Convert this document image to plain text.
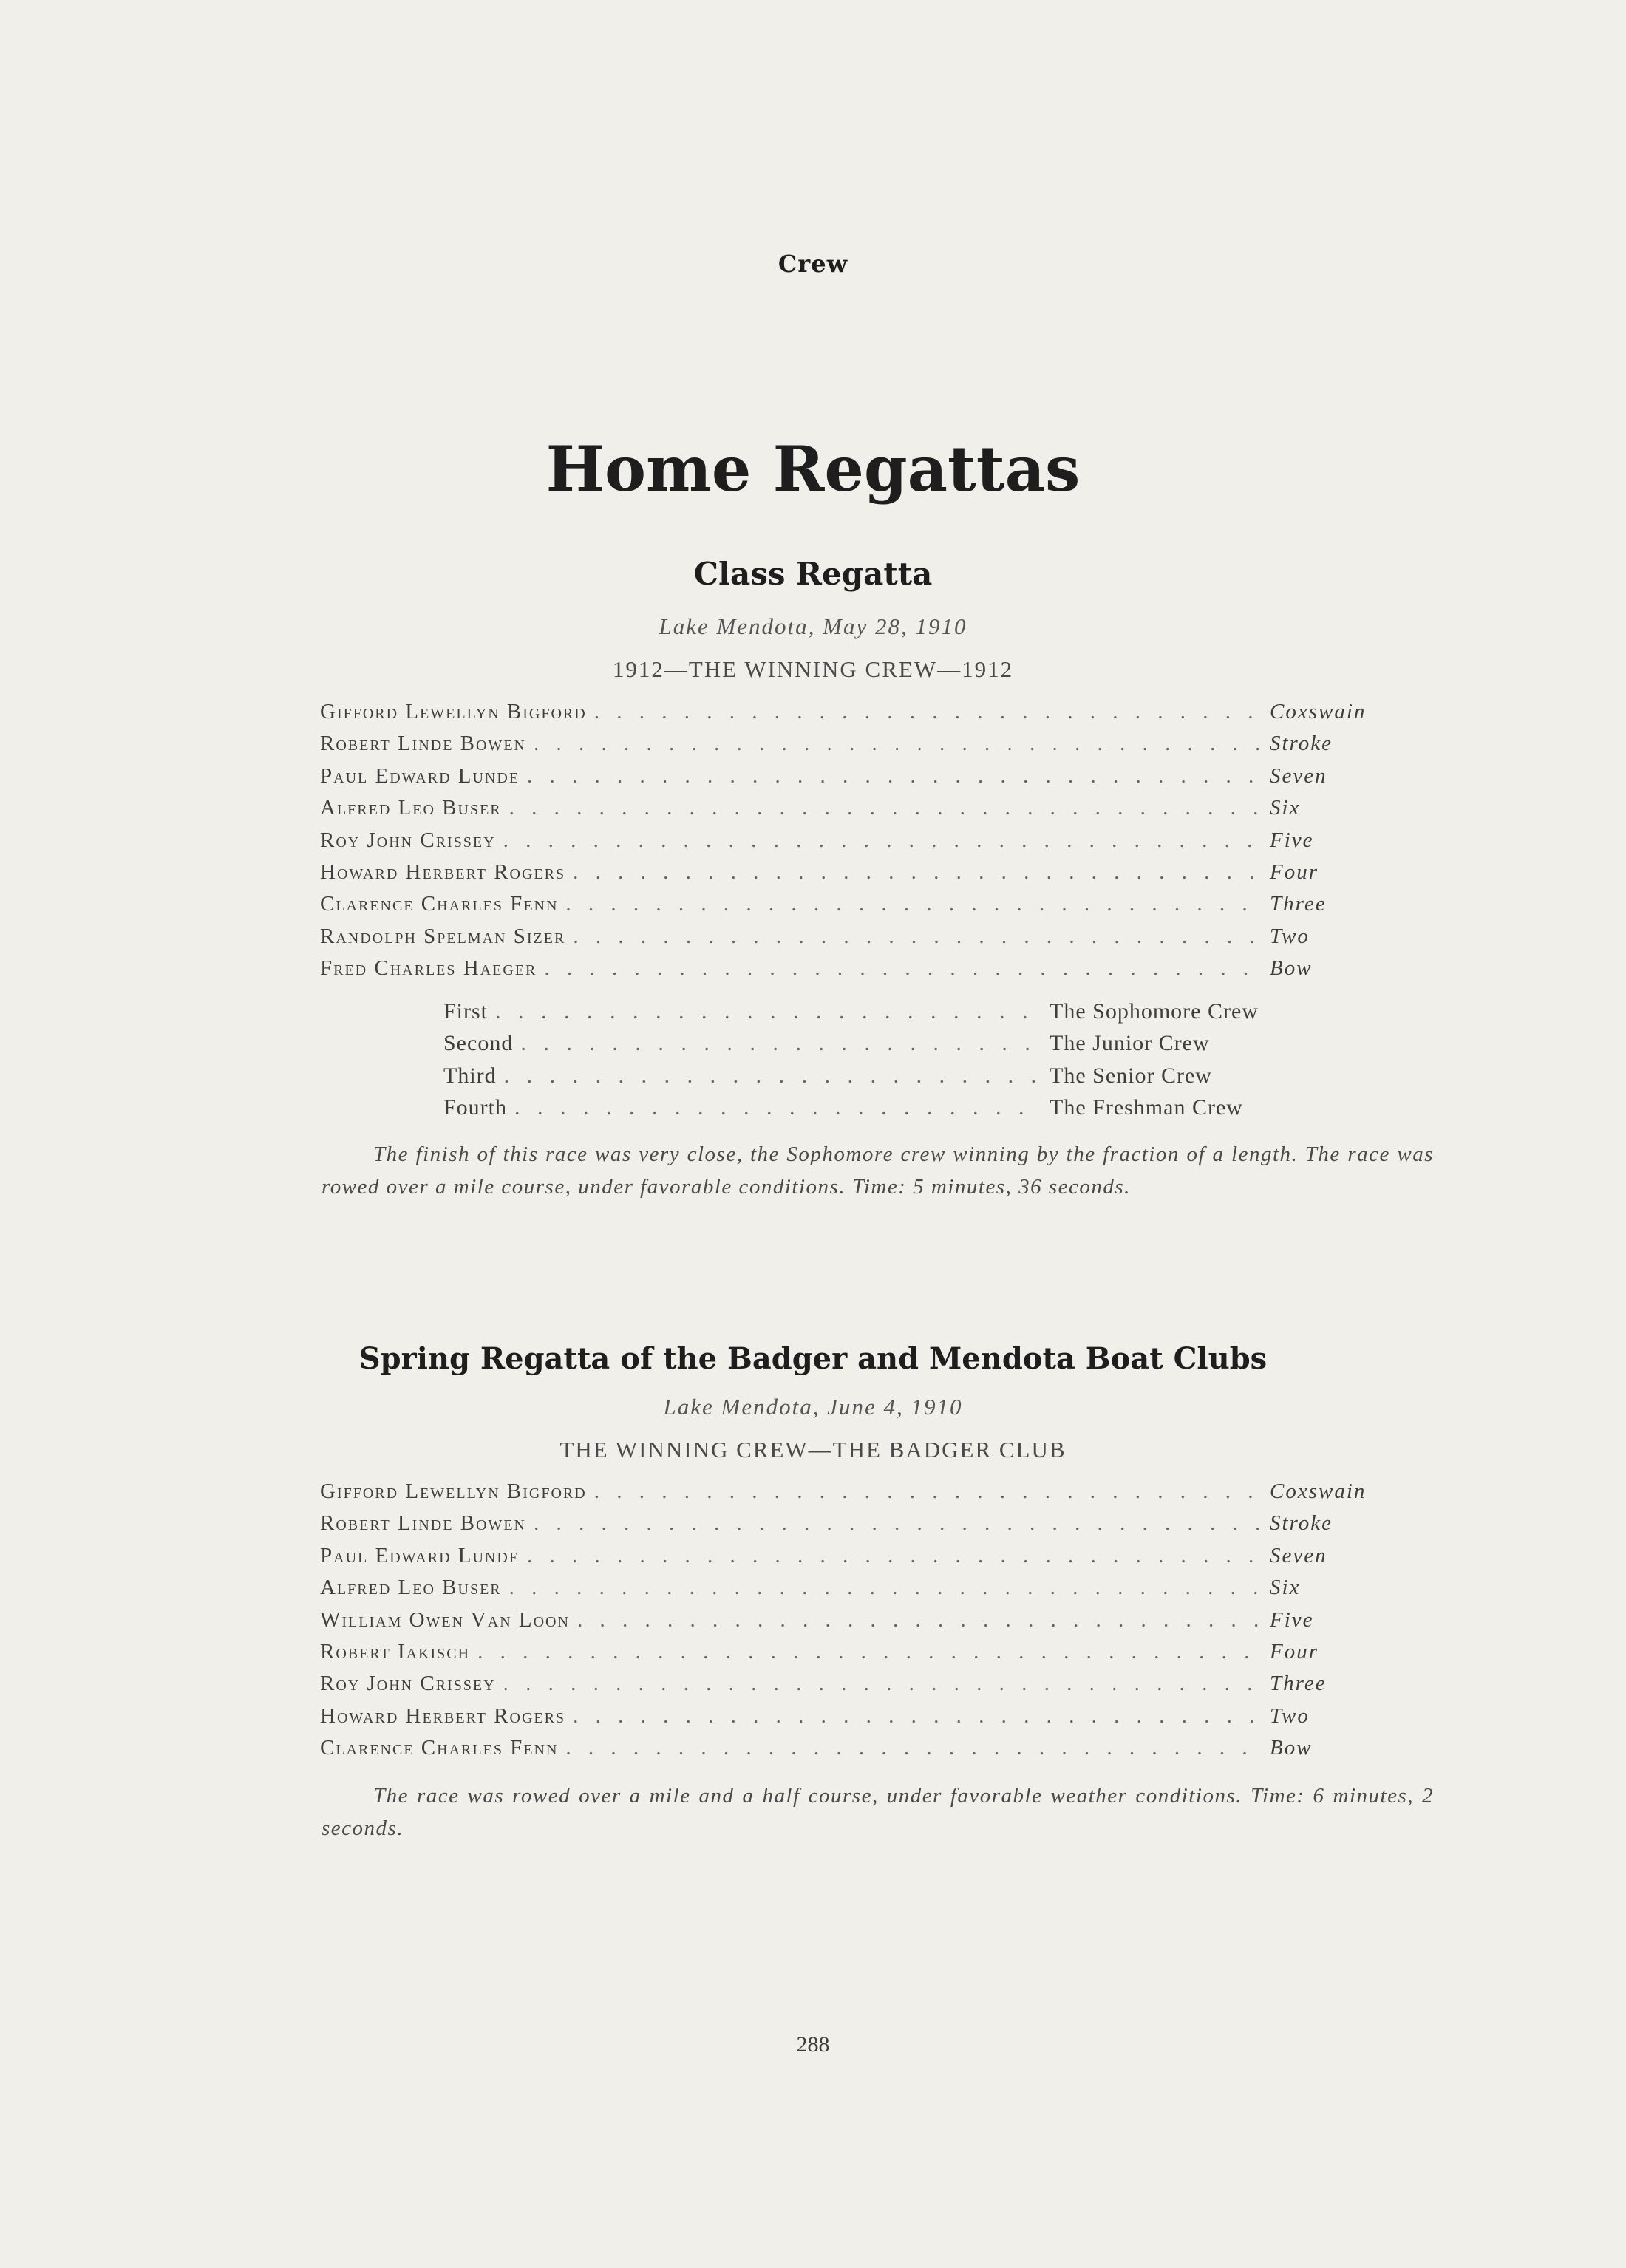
Crew
Home Regattas
Class Regatta
Lake Mendota, May 28, 1910
1912—THE WINNING CREW—1912
Gifford Lewellyn Bigford . . .	Coxswain
Robert Linde Bowen . . .	Stroke
Paul Edward Lunde . . .	Seven
Alfred Leo Buser . . .	Six
Roy John Crissey . . .	Five
Howard Herbert Rogers . . .	Four
Clarence Charles Fenn . . .	Three
Randolph Spelman Sizer . . .	Two
Fred Charles Haeger . . .	Bow
First . . .	The Sophomore Crew
Second . . .	The Junior Crew
Third . . .	The Senior Crew
Fourth . . .	The Freshman Crew

The finish of this race was very close, the Sophomore crew winning by the fraction of a length. The race was rowed over a mile course, under favorable conditions. Time: 5 minutes, 36 seconds.

Spring Regatta of the Badger and Mendota Boat Clubs
Lake Mendota, June 4, 1910
THE WINNING CREW—THE BADGER CLUB
Gifford Lewellyn Bigford . . .	Coxswain
Robert Linde Bowen . . .	Stroke
Paul Edward Lunde . . .	Seven
Alfred Leo Buser . . .	Six
William Owen Van Loon . . .	Five
Robert Iakisch . . .	Four
Roy John Crissey . . .	Three
Howard Herbert Rogers . . .	Two
Clarence Charles Fenn . . .	Bow

The race was rowed over a mile and a half course, under favorable weather conditions. Time: 6 minutes, 2 seconds.

288
